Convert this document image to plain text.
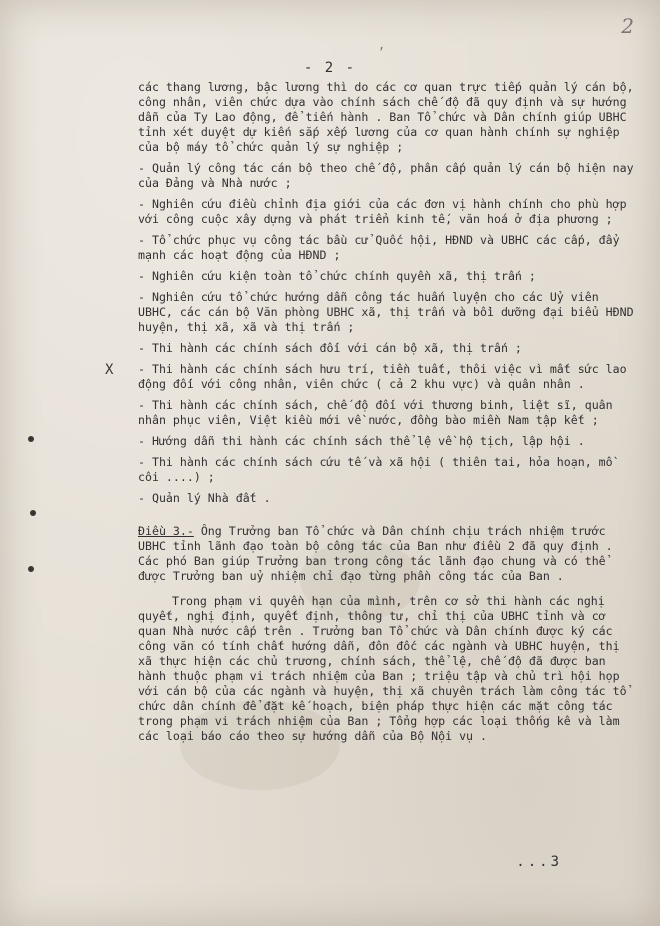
2
,
- 2 -
X

các thang lương, bậc lương thì do các cơ quan trực tiếp quản lý cán bộ, công nhân, viên chức dựa vào chính sách chế độ đã quy định và sự hướng dẫn của Ty Lao động, để tiến hành . Ban Tổ chức và Dân chính giúp UBHC tỉnh xét duyệt dự kiến sắp xếp lương của cơ quan hành chính sự nghiệp của bộ máy tổ chức quản lý sự nghiệp ;

- Quản lý công tác cán bộ theo chế độ, phân cấp quản lý cán bộ hiện nay của Đảng và Nhà nước ;

- Nghiên cứu điều chỉnh địa giới của các đơn vị hành chính cho phù hợp với công cuộc xây dựng và phát triển kinh tế, văn hoá ở địa phương ;

- Tổ chức phục vụ công tác bầu cử Quốc hội, HĐND và UBHC các cấp, đẩy mạnh các hoạt động của HĐND ;

- Nghiên cứu kiện toàn tổ chức chính quyền xã, thị trấn ;

- Nghiên cứu tổ chức hướng dẫn công tác huấn luyện cho các Uỷ viên UBHC, các cán bộ Văn phòng UBHC xã, thị trấn và bồi dưỡng đại biểu HĐND huyện, thị xã, xã và thị trấn ;

- Thi hành các chính sách đối với cán bộ xã, thị trấn ;

- Thi hành các chính sách hưu trí, tiền tuất, thôi việc vì mất sức lao động đối với công nhân, viên chức ( cả 2 khu vực) và quân nhân .

- Thi hành các chính sách, chế độ đối với thương binh, liệt sĩ, quân nhân phục viên, Việt kiều mới về nước, đồng bào miền Nam tập kết ;

- Hướng dẫn thi hành các chính sách thể lệ về hộ tịch, lập hội .

- Thi hành các chính sách cứu tế và xã hội ( thiên tai, hỏa hoạn, mồ côi ....) ;

- Quản lý Nhà đất .

Điều 3.- Ông Trưởng ban Tổ chức và Dân chính chịu trách nhiệm trước UBHC tỉnh lãnh đạo toàn bộ công tác của Ban như điều 2 đã quy định . Các phó Ban giúp Trưởng ban trong công tác lãnh đạo chung và có thể được Trưởng ban uỷ nhiệm chỉ đạo từng phần công tác của Ban .

Trong phạm vi quyền hạn của mình, trên cơ sở thi hành các nghị quyết, nghị định, quyết định, thông tư, chỉ thị của UBHC tỉnh và cơ quan Nhà nước cấp trên . Trưởng ban Tổ chức và Dân chính được ký các công văn có tính chất hướng dẫn, đôn đốc các ngành và UBHC huyện, thị xã thực hiện các chủ trương, chính sách, thể lệ, chế độ đã được ban hành thuộc phạm vi trách nhiệm của Ban ; triệu tập và chủ trì hội họp với cán bộ của các ngành và huyện, thị xã chuyên trách làm công tác tổ chức dân chính để đặt kế hoạch, biện pháp thực hiện các mặt công tác trong phạm vi trách nhiệm của Ban ; Tổng hợp các loại thống kê và làm các loại báo cáo theo sự hướng dẫn của Bộ Nội vụ .

...3
